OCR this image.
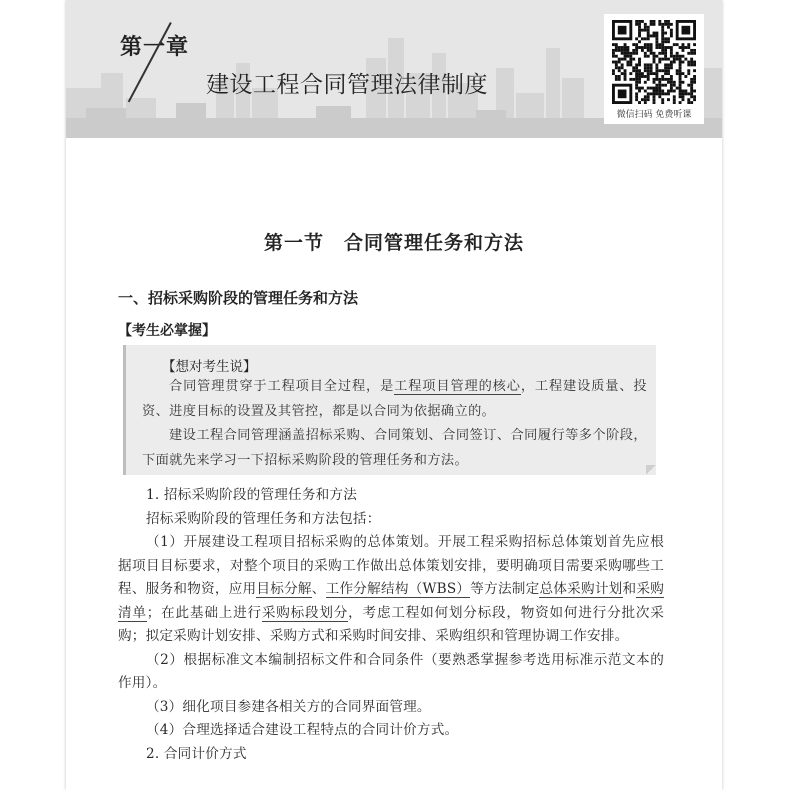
第一章
建设工程合同管理法律制度
微信扫码 免费听课
第一节　合同管理任务和方法
一、招标采购阶段的管理任务和方法
【考生必掌握】
【想对考生说】

合同管理贯穿于工程项目全过程，是工程项目管理的核心，工程建设质量、投资、进度目标的设置及其管控，都是以合同为依据确立的。

建设工程合同管理涵盖招标采购、合同策划、合同签订、合同履行等多个阶段，下面就先来学习一下招标采购阶段的管理任务和方法。

1. 招标采购阶段的管理任务和方法

招标采购阶段的管理任务和方法包括：

（1）开展建设工程项目招标采购的总体策划。开展工程采购招标总体策划首先应根据项目目标要求，对整个项目的采购工作做出总体策划安排，要明确项目需要采购哪些工程、服务和物资，应用目标分解、工作分解结构（WBS）等方法制定总体采购计划和采购清单；在此基础上进行采购标段划分，考虑工程如何划分标段，物资如何进行分批次采购；拟定采购计划安排、采购方式和采购时间安排、采购组织和管理协调工作安排。

（2）根据标准文本编制招标文件和合同条件（要熟悉掌握参考选用标准示范文本的作用）。

（3）细化项目参建各相关方的合同界面管理。

（4）合理选择适合建设工程特点的合同计价方式。

2. 合同计价方式
